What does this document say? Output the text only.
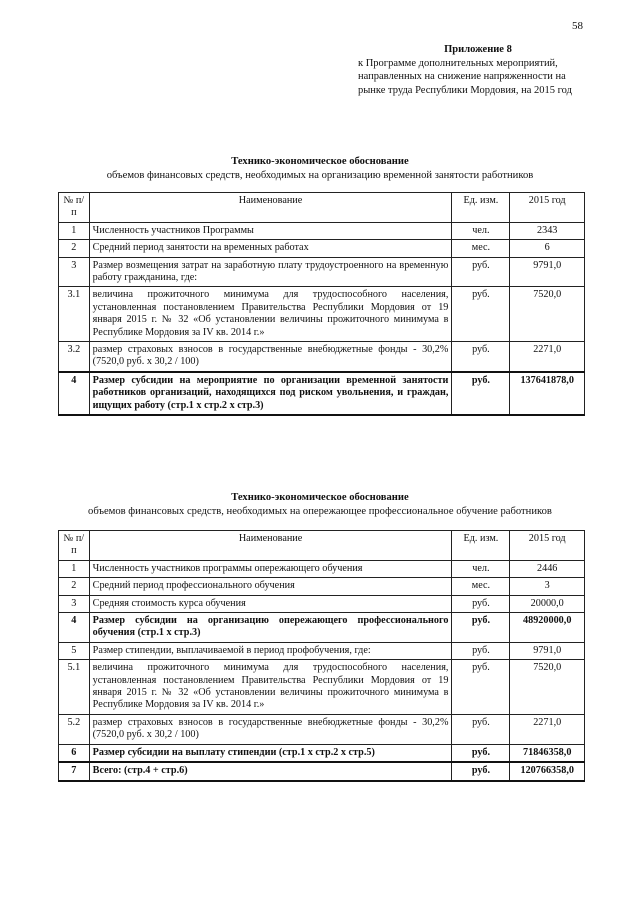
58
Приложение 8
к Программе дополнительных мероприятий,
направленных на снижение напряженности на
рынке труда Республики Мордовия, на 2015 год
Технико-экономическое обоснование
объемов финансовых средств, необходимых на организацию временной занятости работников
№ п/п	Наименование	Ед. изм.	2015 год
1	Численность участников Программы	чел.	2343
2	Средний период занятости на временных работах	мес.	6
3	Размер возмещения затрат на заработную плату трудоустроенного на временную работу гражданина, где:	руб.	9791,0
3.1	величина прожиточного минимума для трудоспособного населения, установленная постановлением Правительства Республики Мордовия от 19 января 2015 г. № 32 «Об установлении величины прожиточного минимума в Республике Мордовия за IV кв. 2014 г.»	руб.	7520,0
3.2	размер страховых взносов в государственные внебюджетные фонды - 30,2% (7520,0 руб. х 30,2 / 100)	руб.	2271,0
4	Размер субсидии на мероприятие по организации временной занятости работников организаций, находящихся под риском увольнения, и граждан, ищущих работу (стр.1 х стр.2 х стр.3)	руб.	137641878,0
Технико-экономическое обоснование
объемов финансовых средств, необходимых на опережающее профессиональное обучение работников
№ п/п	Наименование	Ед. изм.	2015 год
1	Численность участников программы опережающего обучения	чел.	2446
2	Средний период профессионального обучения	мес.	3
3	Средняя стоимость курса обучения	руб.	20000,0
4	Размер субсидии на организацию опережающего профессионального обучения (стр.1 х стр.3)	руб.	48920000,0
5	Размер стипендии, выплачиваемой в период профобучения, где:	руб.	9791,0
5.1	величина прожиточного минимума для трудоспособного населения, установленная постановлением Правительства Республики Мордовия от 19 января 2015 г. № 32 «Об установлении величины прожиточного минимума в Республике Мордовия за IV кв. 2014 г.»	руб.	7520,0
5.2	размер страховых взносов в государственные внебюджетные фонды - 30,2% (7520,0 руб. х 30,2 / 100)	руб.	2271,0
6	Размер субсидии на выплату стипендии (стр.1 х стр.2 х стр.5)	руб.	71846358,0
7	Всего: (стр.4 + стр.6)	руб.	120766358,0
